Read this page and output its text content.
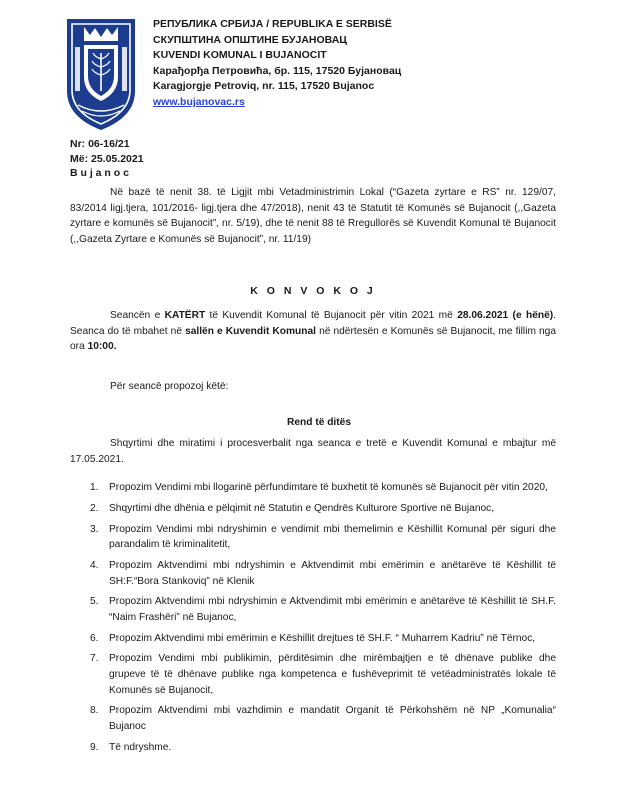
РЕПУБЛИКА СРБИЈА / REPUBLIKA E SERBISË
СКУПШТИНА ОПШТИНЕ БУЈАНОВАЦ
KUVENDI KOMUNAL I BUJANOCIT
Карађорђа Петровића, бр. 115, 17520 Бујановац
Karagjorgje Petroviq, nr. 115, 17520 Bujanoc
www.bujanovac.rs
Nr: 06-16/21
Më: 25.05.2021
B u j a n o c

Në bazë të nenit 38. të Ligjit mbi Vetadministrimin Lokal (“Gazeta zyrtare e RS” nr. 129/07, 83/2014 ligj.tjera, 101/2016- ligj.tjera dhe 47/2018), nenit 43 të Statutit të Komunës së Bujanocit (,,Gazeta zyrtare e komunës së Bujanocit”, nr. 5/19), dhe të nenit 88 të Rregullorës së Kuvendit Komunal të Bujanocit (,,Gazeta Zyrtare e Komunës së Bujanocit”, nr. 11/19)

K O N V O K O J

Seancën e KATËRT të Kuvendit Komunal të Bujanocit për vitin 2021 më 28.06.2021 (e hënë). Seanca do të mbahet në sallën e Kuvendit Komunal në ndërtesën e Komunës së Bujanocit, me fillim nga ora 10:00.

Për seancë propozoj këtë:

Rend të ditës

Shqyrtimi dhe miratimi i procesverbalit nga seanca e tretë e Kuvendit Komunal e mbajtur më 17.05.2021.

1. Propozim Vendimi mbi llogarinë përfundimtare të buxhetit të komunës së Bujanocit për vitin 2020,
2. Shqyrtimi dhe dhënia e pëlqimit në Statutin e Qendrës Kulturore Sportive në Bujanoc,
3. Propozim Vendimi mbi ndryshimin e vendimit mbi themelimin e Këshillit Komunal për siguri dhe parandalim të kriminalitetit,
4. Propozim Aktvendimi mbi ndryshimin e Aktvendimit mbi emërimin e anëtarëve të Këshillit të SH:F.“Bora Stankoviq” në Klenik
5. Propozim Aktvendimi mbi ndryshimin e Aktvendimit mbi emërimin e anëtarëve të Këshillit të SH.F. “Naim Frashëri” në Bujanoc,
6. Propozim Aktvendimi mbi emërimin e Këshillit drejtues të SH.F. “ Muharrem Kadriu” në Tërnoc,
7. Propozim Vendimi mbi publikimin, përditësimin dhe mirëmbajtjen e të dhënave publike dhe grupeve të të dhënave publike nga kompetenca e fushëveprimit të vetëadministratës lokale të Komunës së Bujanocit,
8. Propozim Aktvendimi mbi vazhdimin e mandatit Organit të Përkohshëm në NP „Komunalia“ Bujanoc
9. Të ndryshme.
